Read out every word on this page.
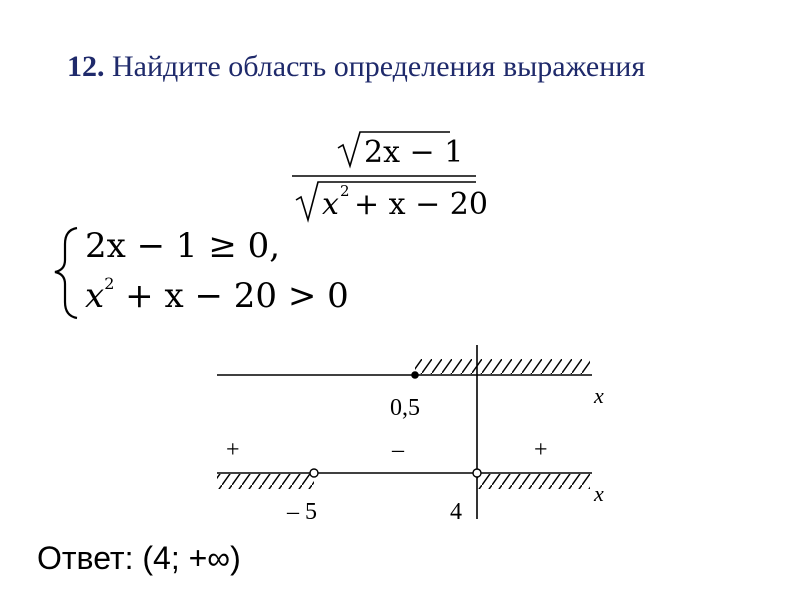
12. Найдите область определения выражения
2x − 1
x 2 + x − 20
2x − 1 ≥ 0,
$x^2 + x - 20 > 0$
x
0,5
+	–	+
x
– 5	4
Ответ: (4; +∞)
